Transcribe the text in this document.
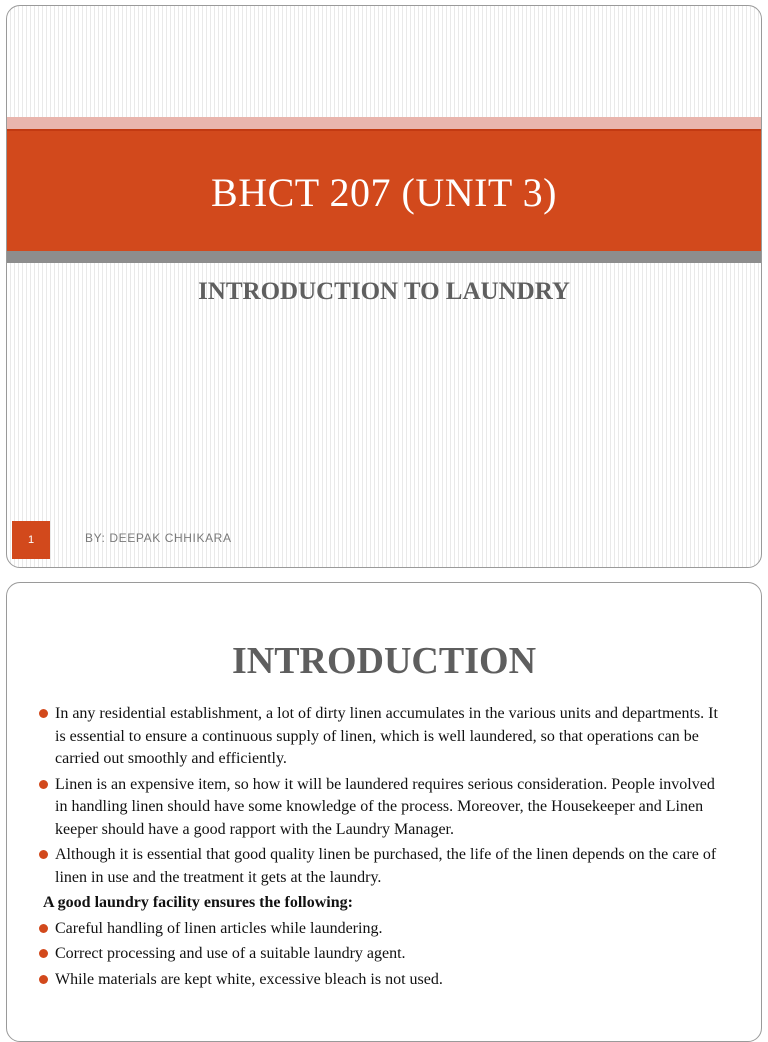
BHCT 207 (UNIT 3)
INTRODUCTION TO LAUNDRY
1	BY: DEEPAK CHHIKARA
INTRODUCTION
In any residential establishment, a lot of dirty linen accumulates in the various units and departments. It is essential to ensure a continuous supply of linen, which is well laundered, so that operations can be carried out smoothly and efficiently.
Linen is an expensive item, so how it will be laundered requires serious consideration. People involved in handling linen should have some knowledge of the process. Moreover, the Housekeeper and Linen keeper should have a good rapport with the Laundry Manager.
Although it is essential that good quality linen be purchased, the life of the linen depends on the care of linen in use and the treatment it gets at the laundry.
A good laundry facility ensures the following:
Careful handling of linen articles while laundering.
Correct processing and use of a suitable laundry agent.
While materials are kept white, excessive bleach is not used.
